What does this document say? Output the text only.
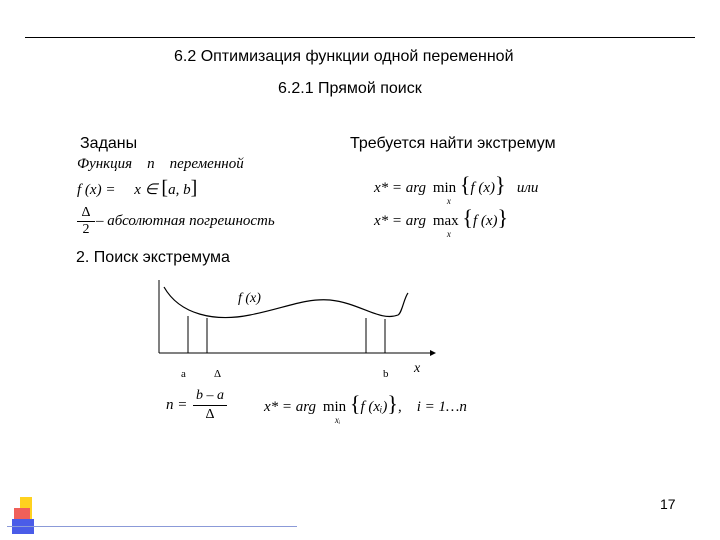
6.2 Оптимизация функции одной переменной
6.2.1 Прямой поиск
Заданы	Требуется найти экстремум
Функция n переменной
f (x) = x ∈ [a, b]
$\frac{\Delta}{2}$ – абсолютная погрешность
x* = arg min
x
{f (x)} или
x* = arg max
x
{f (x)}
2. Поиск экстремума
f (x)
x
a	Δ	b
$n = \frac{b - a}{\Delta} x*$ = arg min
xᵢ
{f (xᵢ)}, i = 1…n
17
